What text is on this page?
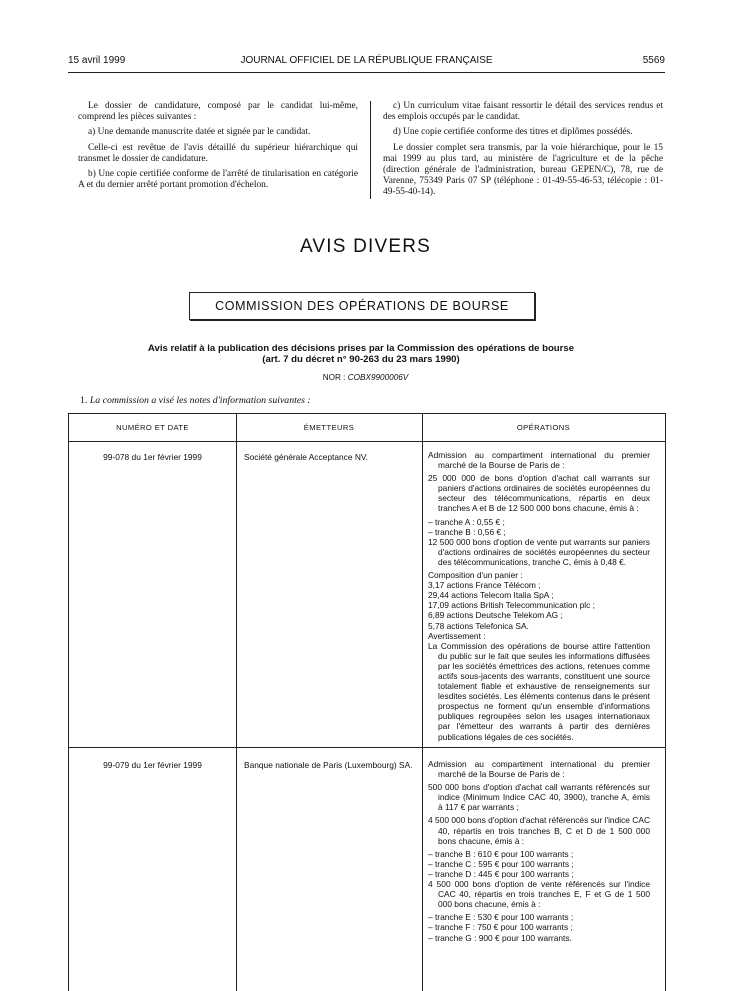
15 avril 1999	JOURNAL OFFICIEL DE LA RÉPUBLIQUE FRANÇAISE	5569

Le dossier de candidature, composé par le candidat lui-même, comprend les pièces suivantes :

a) Une demande manuscrite datée et signée par le candidat.

Celle-ci est revêtue de l'avis détaillé du supérieur hiérarchique qui transmet le dossier de candidature.

b) Une copie certifiée conforme de l'arrêté de titularisation en catégorie A et du dernier arrêté portant promotion d'échelon.

c) Un curriculum vitae faisant ressortir le détail des services rendus et des emplois occupés par le candidat.

d) Une copie certifiée conforme des titres et diplômes possédés.

Le dossier complet sera transmis, par la voie hiérarchique, pour le 15 mai 1999 au plus tard, au ministère de l'agriculture et de la pêche (direction générale de l'administration, bureau GEPEN/C), 78, rue de Varenne, 75349 Paris 07 SP (téléphone : 01-49-55-46-53, télécopie : 01-49-55-40-14).

AVIS DIVERS
COMMISSION DES OPÉRATIONS DE BOURSE
Avis relatif à la publication des décisions prises par la Commission des opérations de bourse
(art. 7 du décret n° 90-263 du 23 mars 1990)
NOR : COBX9900006V
1. La commission a visé les notes d'information suivantes :
NUMÉRO ET DATE	ÉMETTEURS	OPÉRATIONS
99-078 du 1er février 1999	Société générale Acceptance NV.	Admission au compartiment international du premier marché de la Bourse de Paris de :

25 000 000 de bons d'option d'achat call warrants sur paniers d'actions ordinaires de sociétés européennes du secteur des télécommunications, répartis en deux tranches A et B de 12 500 000 bons chacune, émis à :

– tranche A : 0,55 € ;

– tranche B : 0,56 € ;

12 500 000 bons d'option de vente put warrants sur paniers d'actions ordinaires de sociétés européennes du secteur des télécommunications, tranche C, émis à 0,48 €.

Composition d'un panier :

3,17 actions France Télécom ;

29,44 actions Telecom Italia SpA ;

17,09 actions British Telecommunication plc ;

6,89 actions Deutsche Telekom AG ;

5,78 actions Telefonica SA.

Avertissement :

La Commission des opérations de bourse attire l'attention du public sur le fait que seules les informations diffusées par les sociétés émettrices des actions, retenues comme actifs sous-jacents des warrants, constituent une source totalement fiable et exhaustive de renseignements sur lesdites sociétés. Les éléments contenus dans le présent prospectus ne forment qu'un ensemble d'informations publiques regroupées selon les usages internationaux par l'émetteur des warrants à partir des dernières publications légales de ces sociétés.

99-079 du 1er février 1999	Banque nationale de Paris (Luxembourg) SA.	Admission au compartiment international du premier marché de la Bourse de Paris de :

500 000 bons d'option d'achat call warrants référencés sur indice (Minimum Indice CAC 40, 3900), tranche A, émis à 117 € par warrants ;

4 500 000 bons d'option d'achat référencés sur l'indice CAC 40, répartis en trois tranches B, C et D de 1 500 000 bons chacune, émis à :

– tranche B : 610 € pour 100 warrants ;

– tranche C : 595 € pour 100 warrants ;

– tranche D : 445 € pour 100 warrants ;

4 500 000 bons d'option de vente référencés sur l'indice CAC 40, répartis en trois tranches E, F et G de 1 500 000 bons chacune, émis à :

– tranche E : 530 € pour 100 warrants ;

– tranche F : 750 € pour 100 warrants ;

– tranche G : 900 € pour 100 warrants.
